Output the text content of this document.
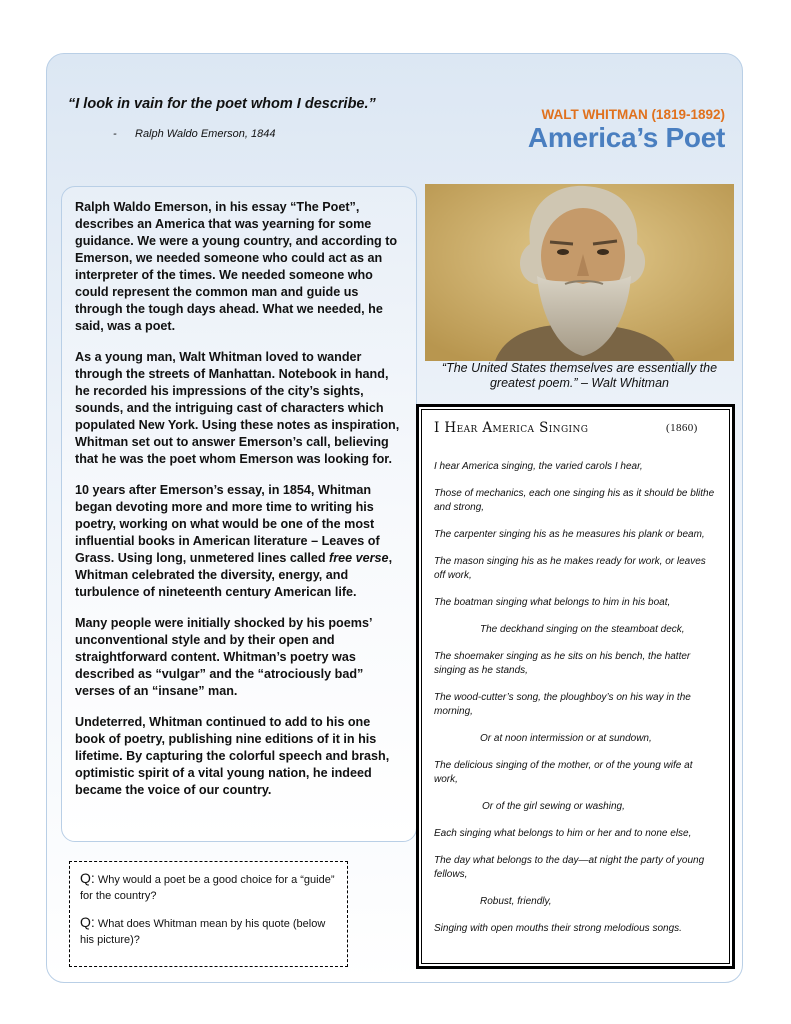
“I look in vain for the poet whom I describe.”
- Ralph Waldo Emerson, 1844
WALT WHITMAN (1819-1892)
America’s Poet

Ralph Waldo Emerson, in his essay “The Poet”, describes an America that was yearning for some guidance. We were a young country, and according to Emerson, we needed someone who could act as an interpreter of the times. We needed someone who could represent the common man and guide us through the tough days ahead. What we needed, he said, was a poet.

As a young man, Walt Whitman loved to wander through the streets of Manhattan. Notebook in hand, he recorded his impressions of the city’s sights, sounds, and the intriguing cast of characters which populated New York. Using these notes as inspiration, Whitman set out to answer Emerson’s call, believing that he was the poet whom Emerson was looking for.

10 years after Emerson’s essay, in 1854, Whitman began devoting more and more time to writing his poetry, working on what would be one of the most influential books in American literature – Leaves of Grass. Using long, unmetered lines called free verse, Whitman celebrated the diversity, energy, and turbulence of nineteenth century American life.

Many people were initially shocked by his poems’ unconventional style and by their open and straightforward content. Whitman’s poetry was described as “vulgar” and the “atrociously bad” verses of an “insane” man.

Undeterred, Whitman continued to add to his one book of poetry, publishing nine editions of it in his lifetime. By capturing the colorful speech and brash, optimistic spirit of a vital young nation, he indeed became the voice of our country.

“The United States themselves are essentially the greatest poem.” – Walt Whitman
I Hear America Singing	(1860)
I hear America singing, the varied carols I hear,
Those of mechanics, each one singing his as it should be blithe and strong,
The carpenter singing his as he measures his plank or beam,
The mason singing his as he makes ready for work, or leaves off work,
The boatman singing what belongs to him in his boat,
The deckhand singing on the steamboat deck,
The shoemaker singing as he sits on his bench, the hatter singing as he stands,
The wood-cutter’s song, the ploughboy’s on his way in the morning,
Or at noon intermission or at sundown,
The delicious singing of the mother, or of the young wife at work,
Or of the girl sewing or washing,
Each singing what belongs to him or her and to none else,
The day what belongs to the day—at night the party of young fellows,
Robust, friendly,
Singing with open mouths their strong melodious songs.
Q: Why would a poet be a good choice for a “guide” for the country?
Q: What does Whitman mean by his quote (below his picture)?
